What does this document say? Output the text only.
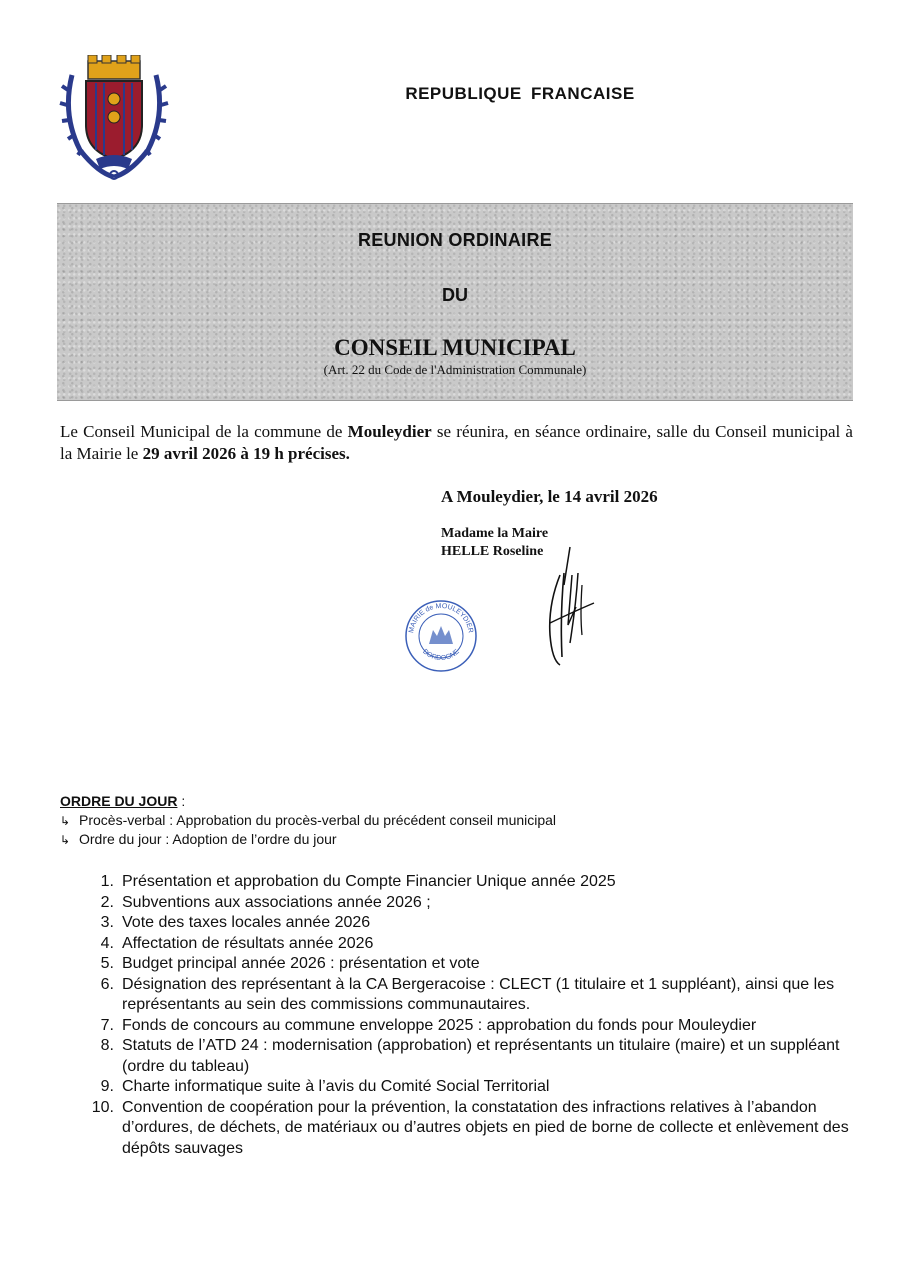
REPUBLIQUE FRANCAISE
REUNION ORDINAIRE
DU
CONSEIL MUNICIPAL
(Art. 22 du Code de l'Administration Communale)
Le Conseil Municipal de la commune de Mouleydier se réunira, en séance ordinaire, salle du Conseil municipal à la Mairie le 29 avril 2026 à 19 h précises.
A Mouleydier, le 14 avril 2026
Madame la Maire
HELLE Roseline
MAIRIE de MOULEYDIER
DORDOGNE
ORDRE DU JOUR :
↳ Procès-verbal : Approbation du procès-verbal du précédent conseil municipal
↳ Ordre du jour : Adoption de l’ordre du jour
1. Présentation et approbation du Compte Financier Unique année 2025
2. Subventions aux associations année 2026 ;
3. Vote des taxes locales année 2026
4. Affectation de résultats année 2026
5. Budget principal année 2026 : présentation et vote
6. Désignation des représentant à la CA Bergeracoise : CLECT (1 titulaire et 1 suppléant), ainsi que les représentants au sein des commissions communautaires.
7. Fonds de concours au commune enveloppe 2025 : approbation du fonds pour Mouleydier
8. Statuts de l’ATD 24 : modernisation (approbation) et représentants un titulaire (maire) et un suppléant (ordre du tableau)
9. Charte informatique suite à l’avis du Comité Social Territorial
10. Convention de coopération pour la prévention, la constatation des infractions relatives à l’abandon d’ordures, de déchets, de matériaux ou d’autres objets en pied de borne de collecte et enlèvement des dépôts sauvages
